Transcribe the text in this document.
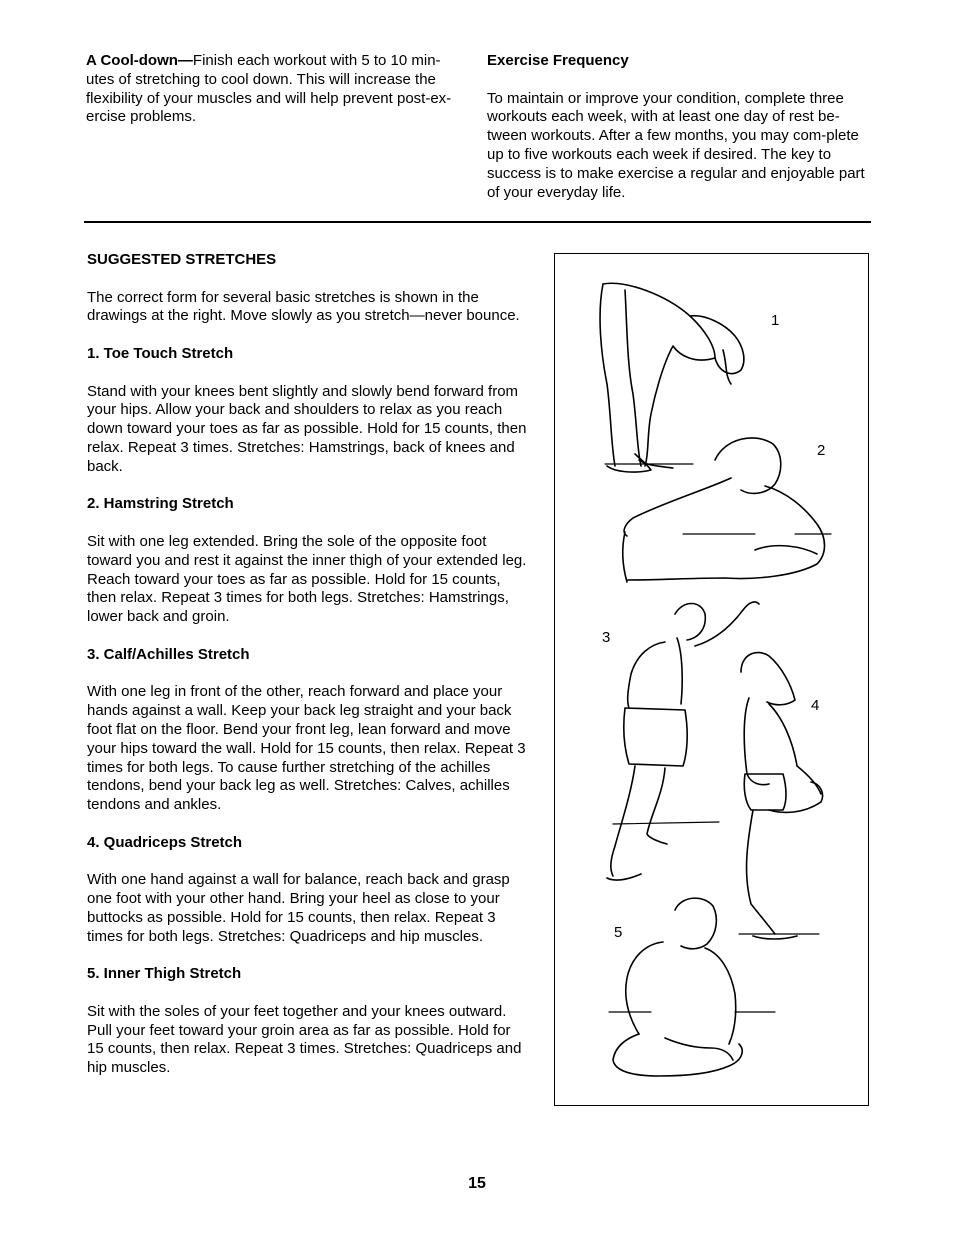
A Cool-down—Finish each workout with 5 to 10 min-utes of stretching to cool down. This will increase the flexibility of your muscles and will help prevent post-ex-ercise problems.

Exercise Frequency

To maintain or improve your condition, complete three workouts each week, with at least one day of rest be-tween workouts. After a few months, you may com-plete up to five workouts each week if desired. The key to success is to make exercise a regular and enjoyable part of your everyday life.

SUGGESTED STRETCHES

The correct form for several basic stretches is shown in the drawings at the right. Move slowly as you stretch—never bounce.

1. Toe Touch Stretch

Stand with your knees bent slightly and slowly bend forward from your hips. Allow your back and shoulders to relax as you reach down toward your toes as far as possible. Hold for 15 counts, then relax. Repeat 3 times. Stretches: Hamstrings, back of knees and back.

2. Hamstring Stretch

Sit with one leg extended. Bring the sole of the opposite foot toward you and rest it against the inner thigh of your extended leg. Reach toward your toes as far as possible. Hold for 15 counts, then relax. Repeat 3 times for both legs. Stretches: Hamstrings, lower back and groin.

3. Calf/Achilles Stretch

With one leg in front of the other, reach forward and place your hands against a wall. Keep your back leg straight and your back foot flat on the floor. Bend your front leg, lean forward and move your hips toward the wall. Hold for 15 counts, then relax. Repeat 3 times for both legs. To cause further stretching of the achilles tendons, bend your back leg as well. Stretches: Calves, achilles tendons and ankles.

4. Quadriceps Stretch

With one hand against a wall for balance, reach back and grasp one foot with your other hand. Bring your heel as close to your buttocks as possible. Hold for 15 counts, then relax. Repeat 3 times for both legs. Stretches: Quadriceps and hip muscles.

5. Inner Thigh Stretch

Sit with the soles of your feet together and your knees outward. Pull your feet toward your groin area as far as possible. Hold for 15 counts, then relax. Repeat 3 times. Stretches: Quadriceps and hip muscles.

1
2
3
4
5
15
